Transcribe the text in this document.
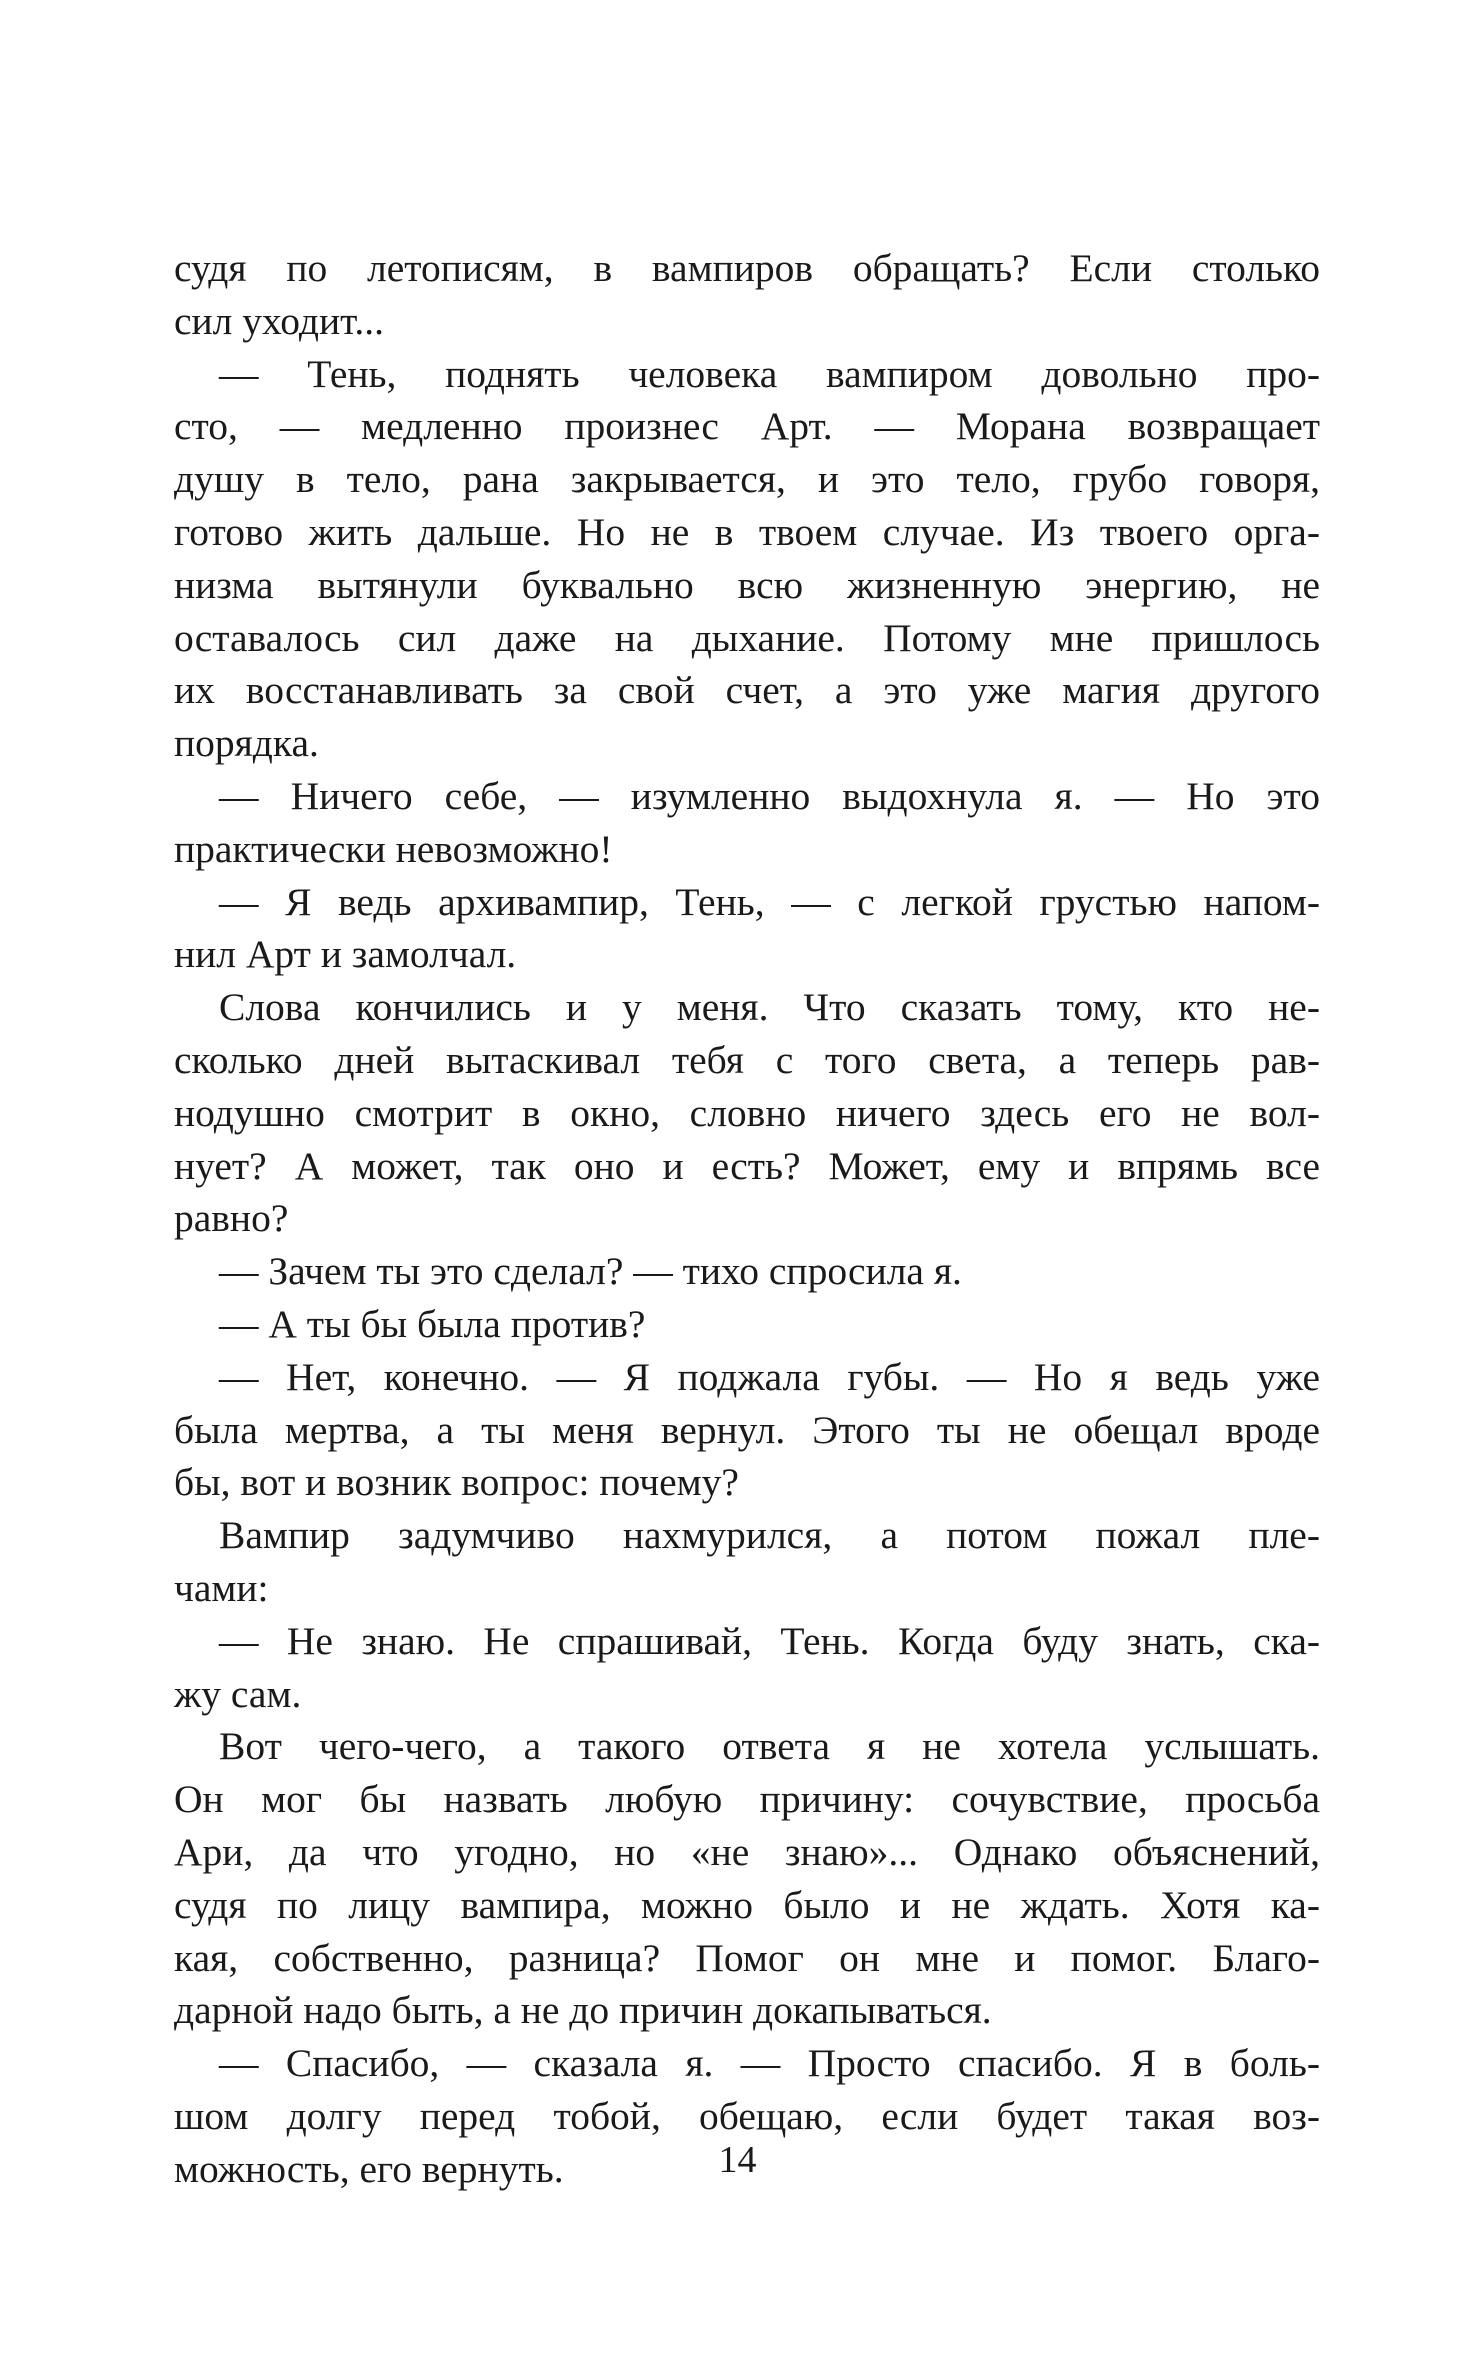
судя по летописям, в вампиров обращать? Если столько
сил уходит...
— Тень, поднять человека вампиром довольно про-
сто, — медленно произнес Арт. — Морана возвращает
душу в тело, рана закрывается, и это тело, грубо говоря,
готово жить дальше. Но не в твоем случае. Из твоего орга-
низма вытянули буквально всю жизненную энергию, не
оставалось сил даже на дыхание. Потому мне пришлось
их восстанавливать за свой счет, а это уже магия другого
порядка.
— Ничего себе, — изумленно выдохнула я. — Но это
практически невозможно!
— Я ведь архивампир, Тень, — с легкой грустью напом-
нил Арт и замолчал.
Слова кончились и у меня. Что сказать тому, кто не-
сколько дней вытаскивал тебя с того света, а теперь рав-
нодушно смотрит в окно, словно ничего здесь его не вол-
нует? А может, так оно и есть? Может, ему и впрямь все
равно?
— Зачем ты это сделал? — тихо спросила я.
— А ты бы была против?
— Нет, конечно. — Я поджала губы. — Но я ведь уже
была мертва, а ты меня вернул. Этого ты не обещал вроде
бы, вот и возник вопрос: почему?
Вампир задумчиво нахмурился, а потом пожал пле-
чами:
— Не знаю. Не спрашивай, Тень. Когда буду знать, ска-
жу сам.
Вот чего-чего, а такого ответа я не хотела услышать.
Он мог бы назвать любую причину: сочувствие, просьба
Ари, да что угодно, но «не знаю»... Однако объяснений,
судя по лицу вампира, можно было и не ждать. Хотя ка-
кая, собственно, разница? Помог он мне и помог. Благо-
дарной надо быть, а не до причин докапываться.
— Спасибо, — сказала я. — Просто спасибо. Я в боль-
шом долгу перед тобой, обещаю, если будет такая воз-
можность, его вернуть.	14
